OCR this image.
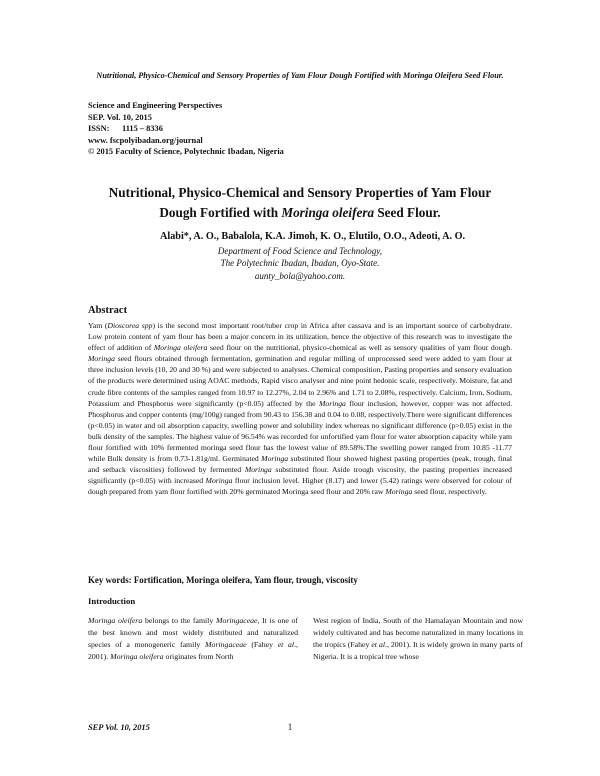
Nutritional, Physico-Chemical and Sensory Properties of Yam Flour Dough Fortified with Moringa Oleifera Seed Flour.
Science and Engineering Perspectives
SEP. Vol. 10, 2015
ISSN:      1115 – 8336
www. fscpolyibadan.org/journal
© 2015 Faculty of Science, Polytechnic Ibadan, Nigeria
Nutritional, Physico-Chemical and Sensory Properties of Yam Flour
Dough Fortified with Moringa oleifera Seed Flour.
Alabi*, A. O., Babalola, K.A. Jimoh, K. O., Elutilo, O.O., Adeoti, A. O.
Department of Food Science and Technology,
The Polytechnic Ibadan, Ibadan, Oyo-State.
aunty_bola@yahoo.com.
Abstract
Yam (Dioscorea spp) is the second most important root/tuber crop in Africa after cassava and is an important source of carbohydrate. Low protein content of yam flour has been a major concern in its utilization, hence the objective of this research was to investigate the effect of addition of Moringa oleifera seed flour on the nutritional, physico-chemical as well as sensory qualities of yam flour dough. Moringa seed flours obtained through fermentation, germination and regular milling of unprocessed seed were added to yam flour at three inclusion levels (10, 20 and 30 %) and were subjected to analyses. Chemical composition, Pasting properties and sensory evaluation of the products were determined using AOAC methods, Rapid visco analyser and nine point hedonic scale, respectively. Moisture, fat and crude fibre contents of the samples ranged from 10.97 to 12.27%, 2.04 to 2.96% and 1.71 to 2.08%, respectively. Calcium, Iron, Sodium, Potassium and Phosphorus were significantly (p<0.05) affected by the Moringa flour inclusion, however, copper was not affected. Phosphorus and copper contents (mg/100g) ranged from 90.43 to 156.38 and 0.04 to 0.08, respectively.There were significant differences (p<0.05) in water and oil absorption capacity, swelling power and solubility index whereas no significant difference (p>0.05) exist in the bulk density of the samples. The highest value of 96.54% was recorded for unfortified yam flour for water absorption capacity while yam flour fortified with 10% fermented moringa seed flour has the lowest value of 89.58%.The swelling power ranged from 10.85 -11.77 while Bulk density is from 0.73-1.81g/ml. Germinated Moringa substituted flour showed highest pasting properties (peak, trough, final and setback viscosities) followed by fermented Moringa substituted flour. Aside trough viscosity, the pasting properties increased significantly (p<0.05) with increased Moringa flour inclusion level. Higher (8.17) and lower (5.42) ratings were observed for colour of dough prepared from yam flour fortified with 20% germinated Moringa seed flour and 20% raw Moringa seed flour, respectively.
Key words: Fortification, Moringa oleifera, Yam flour, trough, viscosity
Introduction
Moringa oleifera belongs to the family Moringaceae, It is one of the best known and most widely distributed and naturalized species of a monogeneric family Moringaceae (Fahey et al., 2001). Moringa oleifera originates from North
West region of India, South of the Hamalayan Mountain and now widely cultivated and has become naturalized in many locations in the tropics (Fahey et al., 2001). It is widely grown in many parts of Nigeria. It is a tropical tree whose
SEP Vol. 10, 2015	1
